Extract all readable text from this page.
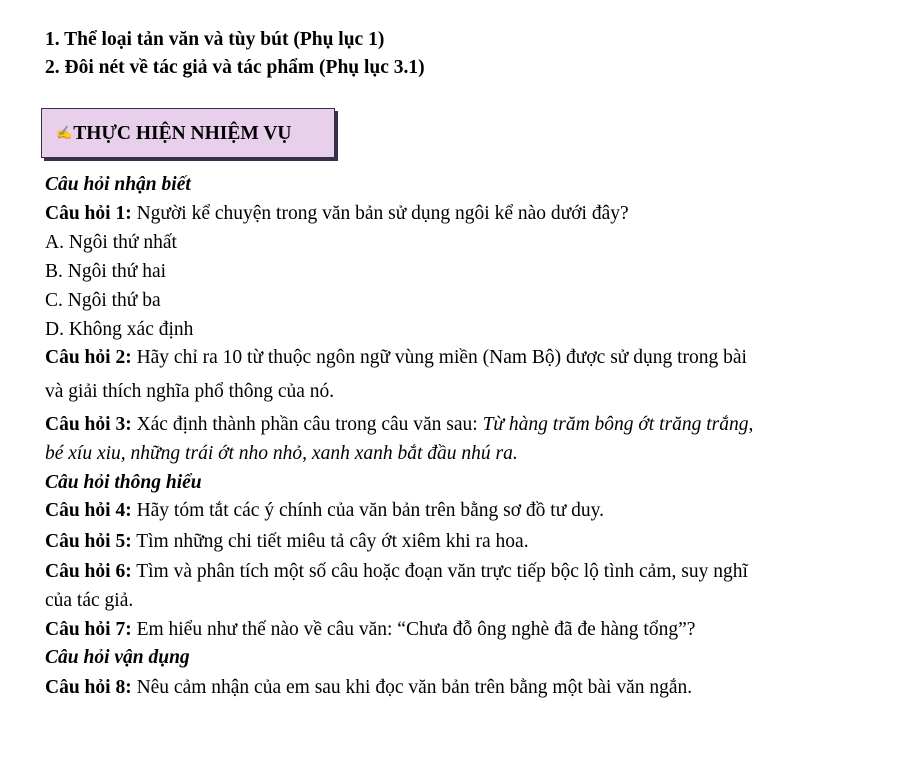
1. Thể loại tản văn và tùy bút (Phụ lục 1)
2. Đôi nét về tác giả và tác phẩm (Phụ lục 3.1)
✍THỰC HIỆN NHIỆM VỤ
Câu hỏi nhận biết
Câu hỏi 1: Người kể chuyện trong văn bản sử dụng ngôi kể nào dưới đây?
A. Ngôi thứ nhất
B. Ngôi thứ hai
C. Ngôi thứ ba
D. Không xác định
Câu hỏi 2: Hãy chỉ ra 10 từ thuộc ngôn ngữ vùng miền (Nam Bộ) được sử dụng trong bài
và giải thích nghĩa phổ thông của nó.
Câu hỏi 3: Xác định thành phần câu trong câu văn sau: Từ hàng trăm bông ớt trăng trắng,
bé xíu xiu, những trái ớt nho nhỏ, xanh xanh bắt đầu nhú ra.
Câu hỏi thông hiểu
Câu hỏi 4: Hãy tóm tắt các ý chính của văn bản trên bằng sơ đồ tư duy.
Câu hỏi 5: Tìm những chi tiết miêu tả cây ớt xiêm khi ra hoa.
Câu hỏi 6: Tìm và phân tích một số câu hoặc đoạn văn trực tiếp bộc lộ tình cảm, suy nghĩ
của tác giả.
Câu hỏi 7: Em hiểu như thế nào về câu văn: “Chưa đỗ ông nghè đã đe hàng tổng”?
Câu hỏi vận dụng
Câu hỏi 8: Nêu cảm nhận của em sau khi đọc văn bản trên bằng một bài văn ngắn.
